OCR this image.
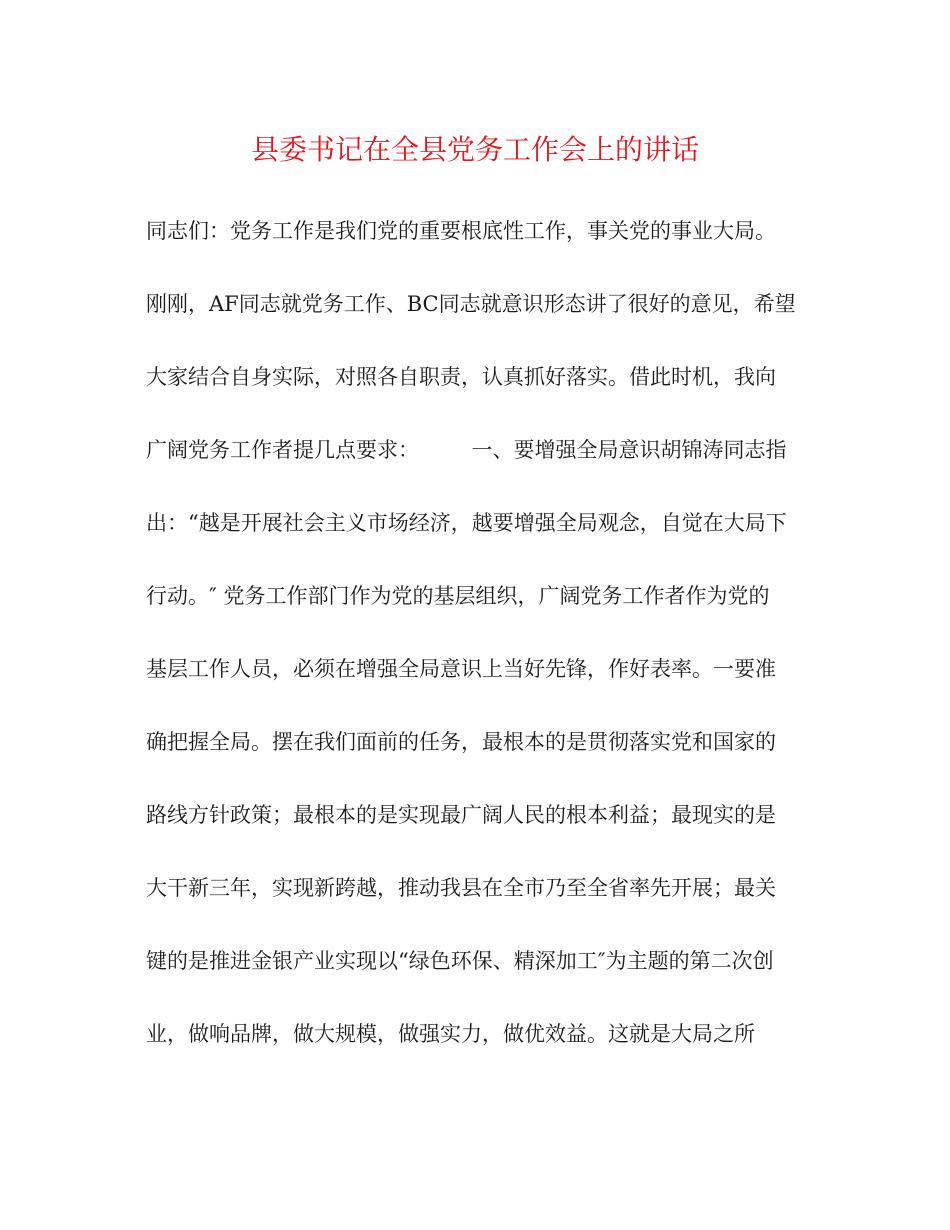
县委书记在全县党务工作会上的讲话
同志们：党务工作是我们党的重要根底性工作，事关党的事业大局。
刚刚，AF同志就党务工作、BC同志就意识形态讲了很好的意见，希望
大家结合自身实际，对照各自职责，认真抓好落实。借此时机，我向
广阔党务工作者提几点要求：　　　一、要增强全局意识胡锦涛同志指
出：“越是开展社会主义市场经济，越要增强全局观念，自觉在大局下
行动。″ 党务工作部门作为党的基层组织，广阔党务工作者作为党的
基层工作人员，必须在增强全局意识上当好先锋，作好表率。一要准
确把握全局。摆在我们面前的任务，最根本的是贯彻落实党和国家的
路线方针政策；最根本的是实现最广阔人民的根本利益；最现实的是
大干新三年，实现新跨越，推动我县在全市乃至全省率先开展；最关
键的是推进金银产业实现以“绿色环保、精深加工″为主题的第二次创
业，做响品牌，做大规模，做强实力，做优效益。这就是大局之所
